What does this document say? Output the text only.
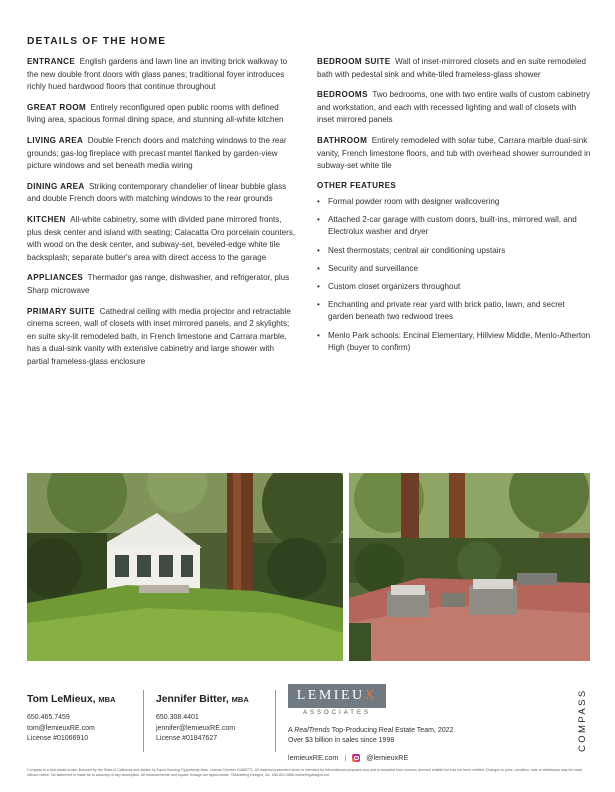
DETAILS OF THE HOME

ENTRANCE English gardens and lawn line an inviting brick walkway to the new double front doors with glass panes; traditional foyer introduces richly hued hardwood floors that continue throughout

GREAT ROOM Entirely reconfigured open public rooms with defined living area, spacious formal dining space, and stunning all-white kitchen

LIVING AREA Double French doors and matching windows to the rear grounds; gas-log fireplace with precast mantel flanked by garden-view picture windows and set beneath media wiring

DINING AREA Striking contemporary chandelier of linear bubble glass and double French doors with matching windows to the rear grounds

KITCHEN All-white cabinetry, some with divided pane mirrored fronts, plus desk center and island with seating; Calacatta Oro porcelain counters, with wood on the desk center, and subway-set, beveled-edge white tile backsplash; separate butler's area with direct access to the garage

APPLIANCES Thermador gas range, dishwasher, and refrigerator, plus Sharp microwave

PRIMARY SUITE Cathedral ceiling with media projector and retractable cinema screen, wall of closets with inset mirrored panels, and 2 skylights; en suite sky-lit remodeled bath, in French limestone and Carrara marble, has a dual-sink vanity with extensive cabinetry and large shower with partial frameless-glass enclosure

BEDROOM SUITE Wall of inset-mirrored closets and en suite remodeled bath with pedestal sink and white-tiled frameless-glass shower

BEDROOMS Two bedrooms, one with two entire walls of custom cabinetry and workstation, and each with recessed lighting and wall of closets with inset mirrored panels

BATHROOM Entirely remodeled with solar tube, Carrara marble dual-sink vanity, French limestone floors, and tub with overhead shower surrounded in subway-set white tile

OTHER FEATURES
• Formal powder room with designer wallcovering
• Attached 2-car garage with custom doors, built-ins, mirrored wall, and Electrolux washer and dryer
• Nest thermostats; central air conditioning upstairs
• Security and surveillance
• Custom closet organizers throughout
• Enchanting and private rear yard with brick patio, lawn, and secret garden beneath two redwood trees
• Menlo Park schools: Encinal Elementary, Hillview Middle, Menlo-Atherton High (buyer to confirm)
Tom LeMieux, MBA
650.465.7459
tom@lemieuxRE.com
License #01066910
Jennifer Bitter, MBA
650.308.4401
jennifer@lemieuxRE.com
License #01847627
LEMIEUX
ASSOCIATES
A RealTrends Top-Producing Real Estate Team, 2022
Over $3 billion in sales since 1998
lemieuxRE.com |	@lemieuxRE
COMPASS
Compass is a real estate broker licensed by the State of California and abides by Equal Housing Opportunity laws. License Number 01866771. All material presented herein is intended for informational purposes only and is compiled from sources deemed reliable but has not been verified. Changes in price, condition, sale or withdrawal may be made without notice. No statement is made as to accuracy of any description. All measurements and square footage are approximate. ©Marketing Designs, Inc. 650.802.0888 marketingdesigns.net
